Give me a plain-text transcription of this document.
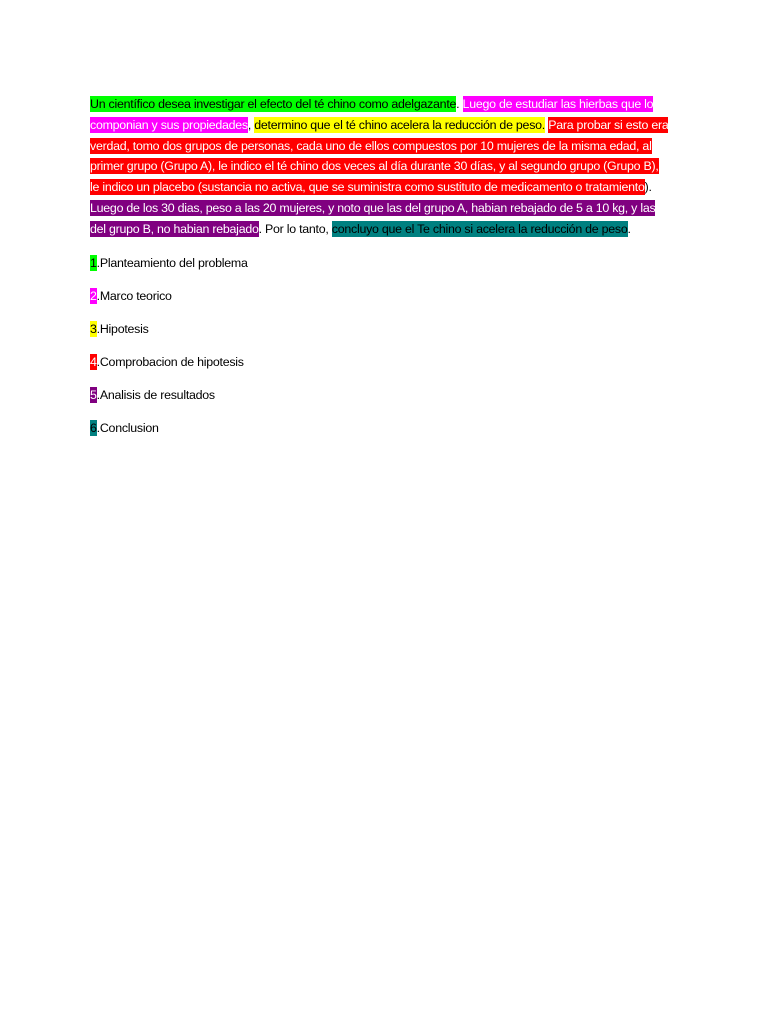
Un científico desea investigar el efecto del té chino como adelgazante. Luego de estudiar las hierbas que lo componian y sus propiedades, determino que el té chino acelera la reducción de peso. Para probar si esto era verdad, tomo dos grupos de personas, cada uno de ellos compuestos por 10 mujeres de la misma edad, al primer grupo (Grupo A), le indico el té chino dos veces al día durante 30 días, y al segundo grupo (Grupo B), le indico un placebo (sustancia no activa, que se suministra como sustituto de medicamento o tratamiento). Luego de los 30 dias, peso a las 20 mujeres, y noto que las del grupo A, habian rebajado de 5 a 10 kg, y las del grupo B, no habian rebajado. Por lo tanto, concluyo que el Te chino si acelera la reducción de peso.

1.Planteamiento del problema
2.Marco teorico
3.Hipotesis
4.Comprobacion de hipotesis
5.Analisis de resultados
6.Conclusion
